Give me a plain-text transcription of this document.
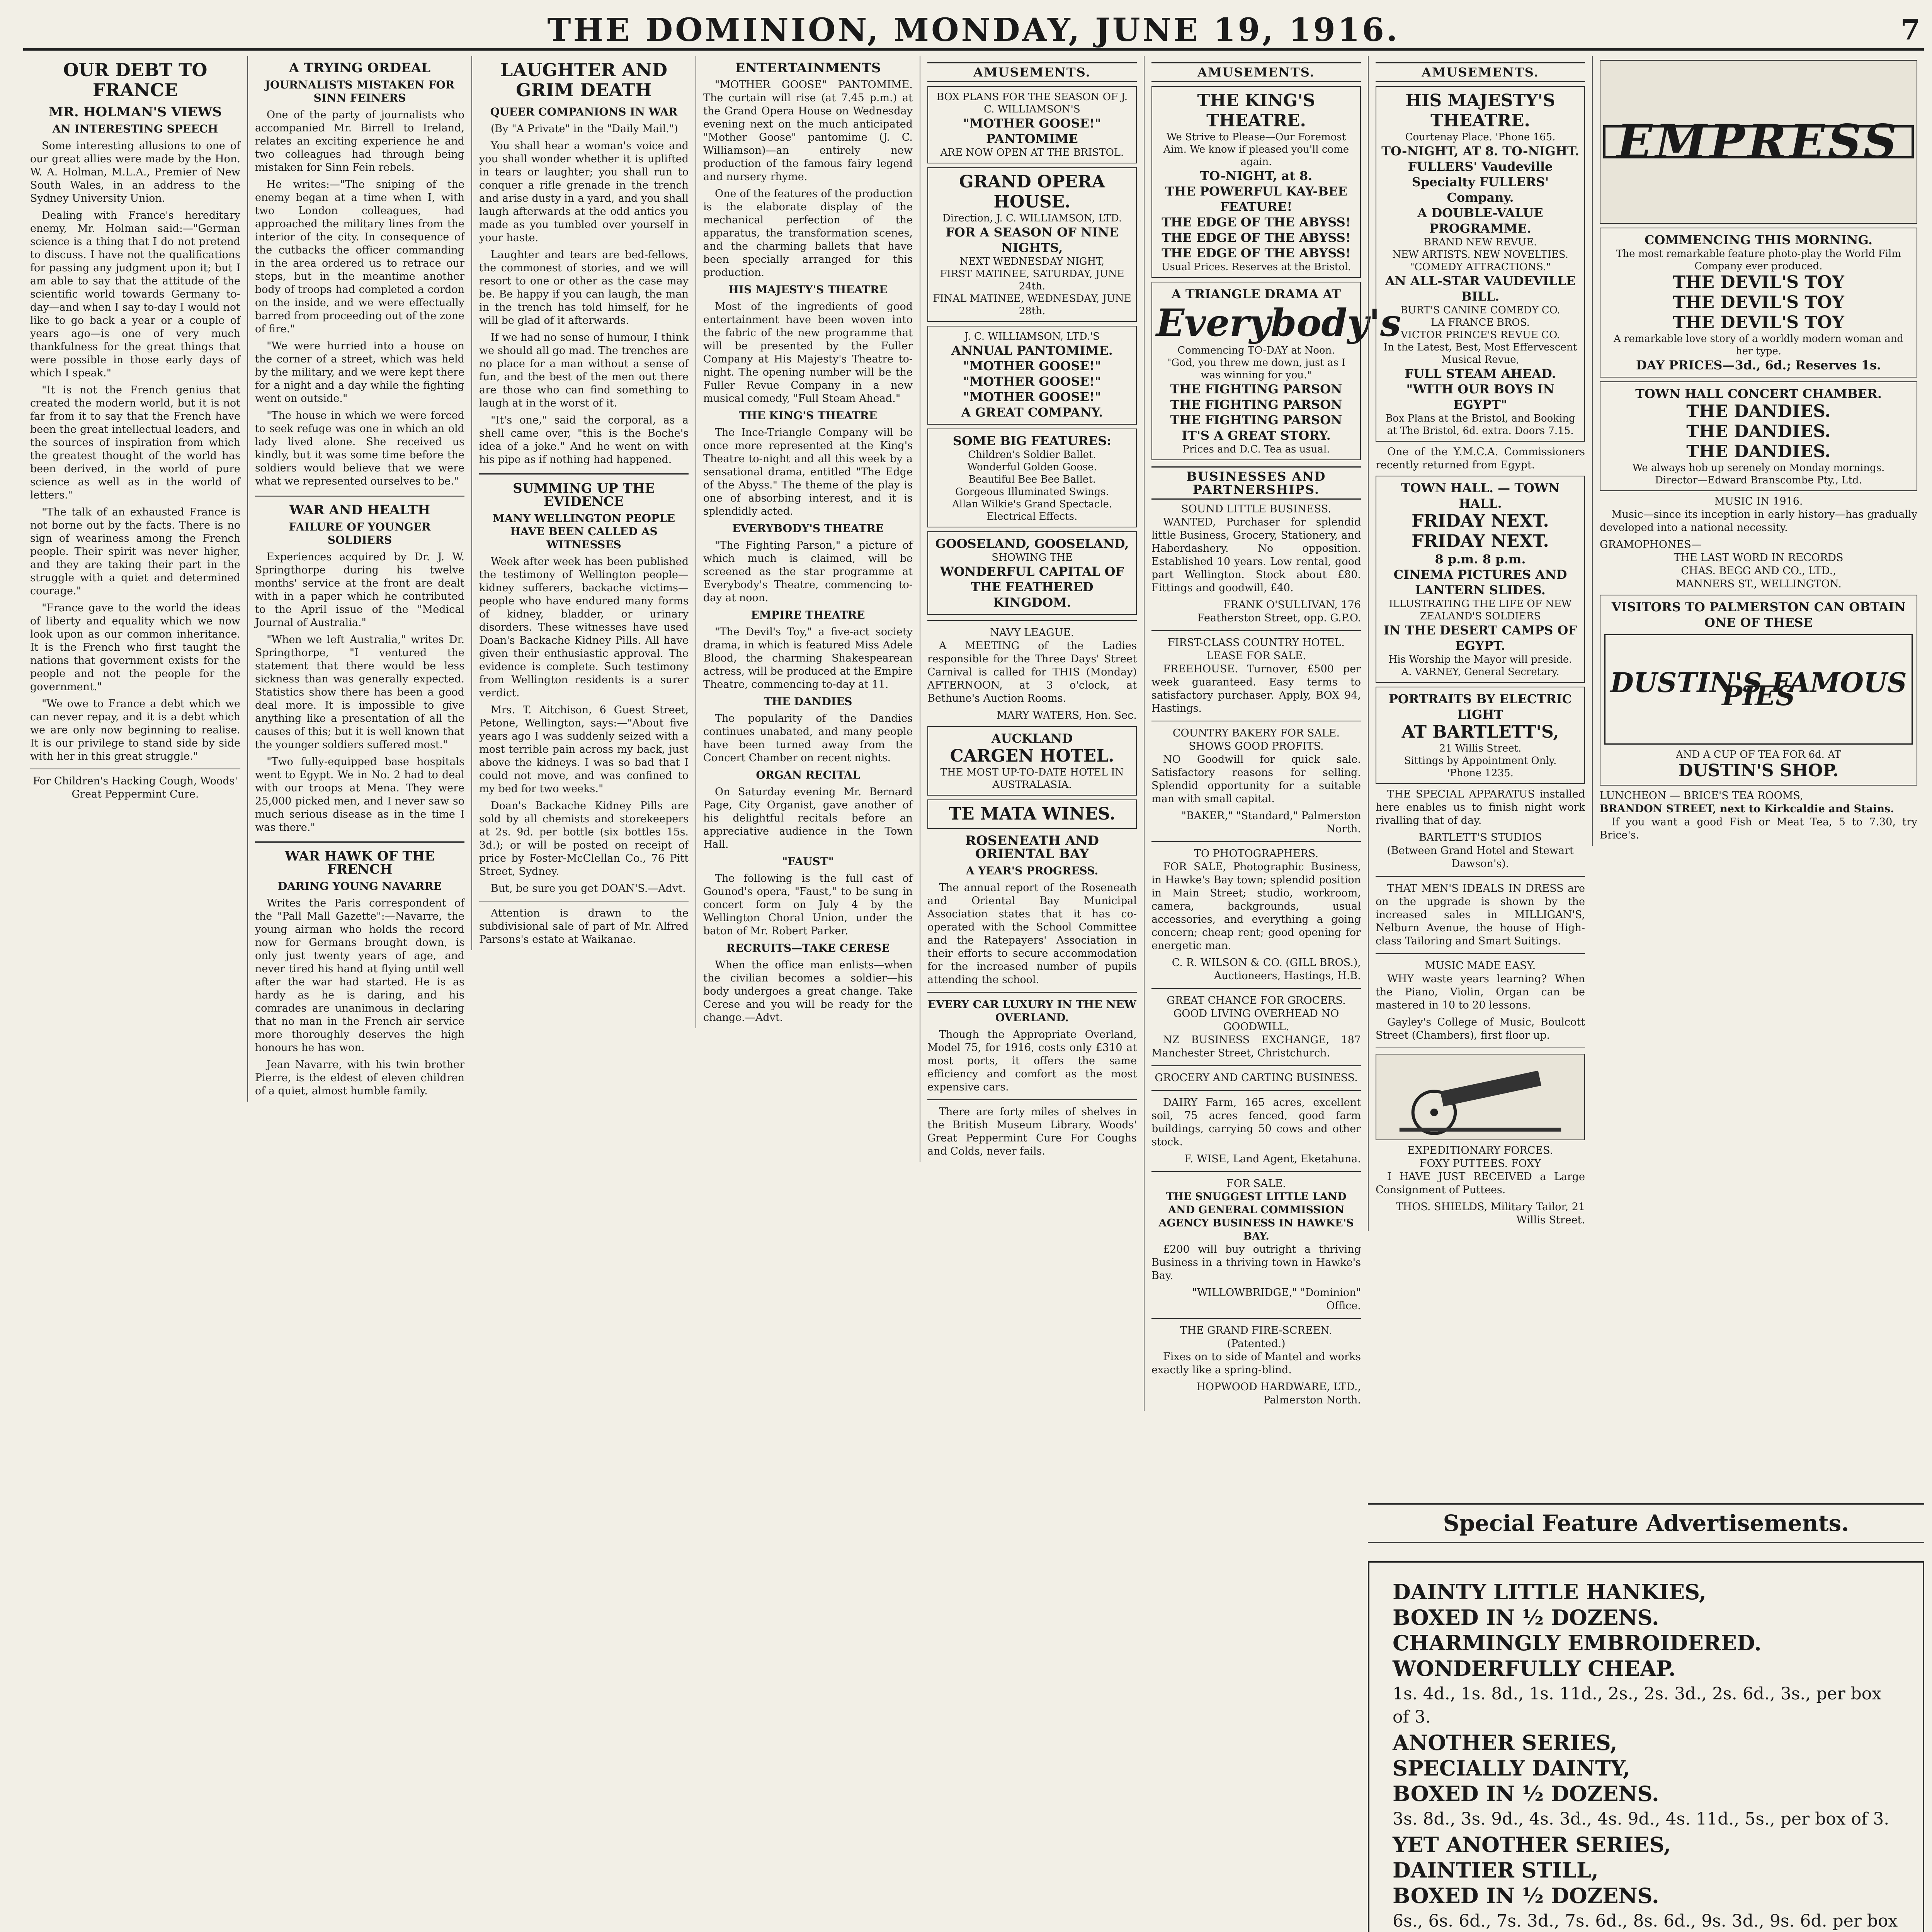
THE DOMINION, MONDAY, JUNE 19, 1916.	7
OUR DEBT TO FRANCE
MR. HOLMAN'S VIEWS
AN INTERESTING SPEECH

Some interesting allusions to one of our great allies were made by the Hon. W. A. Holman, M.L.A., Premier of New South Wales, in an address to the Sydney University Union.

Dealing with France's hereditary enemy, Mr. Holman said:—"German science is a thing that I do not pretend to discuss. I have not the qualifications for passing any judgment upon it; but I am able to say that the attitude of the scientific world towards Germany to-day—and when I say to-day I would not like to go back a year or a couple of years ago—is one of very much thankfulness for the great things that were possible in those early days of which I speak."

"It is not the French genius that created the modern world, but it is not far from it to say that the French have been the great intellectual leaders, and the sources of inspiration from which the greatest thought of the world has been derived, in the world of pure science as well as in the world of letters."

"The talk of an exhausted France is not borne out by the facts. There is no sign of weariness among the French people. Their spirit was never higher, and they are taking their part in the struggle with a quiet and determined courage."

"France gave to the world the ideas of liberty and equality which we now look upon as our common inheritance. It is the French who first taught the nations that government exists for the people and not the people for the government."

"We owe to France a debt which we can never repay, and it is a debt which we are only now beginning to realise. It is our privilege to stand side by side with her in this great struggle."

For Children's Hacking Cough, Woods' Great Peppermint Cure.

A TRYING ORDEAL
JOURNALISTS MISTAKEN FOR SINN FEINERS

One of the party of journalists who accompanied Mr. Birrell to Ireland, relates an exciting experience he and two colleagues had through being mistaken for Sinn Fein rebels.

He writes:—"The sniping of the enemy began at a time when I, with two London colleagues, had approached the military lines from the interior of the city. In consequence of the cutbacks the officer commanding in the area ordered us to retrace our steps, but in the meantime another body of troops had completed a cordon on the inside, and we were effectually barred from proceeding out of the zone of fire."

"We were hurried into a house on the corner of a street, which was held by the military, and we were kept there for a night and a day while the fighting went on outside."

"The house in which we were forced to seek refuge was one in which an old lady lived alone. She received us kindly, but it was some time before the soldiers would believe that we were what we represented ourselves to be."

WAR AND HEALTH
FAILURE OF YOUNGER SOLDIERS

Experiences acquired by Dr. J. W. Springthorpe during his twelve months' service at the front are dealt with in a paper which he contributed to the April issue of the "Medical Journal of Australia."

"When we left Australia," writes Dr. Springthorpe, "I ventured the statement that there would be less sickness than was generally expected. Statistics show there has been a good deal more. It is impossible to give anything like a presentation of all the causes of this; but it is well known that the younger soldiers suffered most."

"Two fully-equipped base hospitals went to Egypt. We in No. 2 had to deal with our troops at Mena. They were 25,000 picked men, and I never saw so much serious disease as in the time I was there."

WAR HAWK OF THE FRENCH
DARING YOUNG NAVARRE

Writes the Paris correspondent of the "Pall Mall Gazette":—Navarre, the young airman who holds the record now for Germans brought down, is only just twenty years of age, and never tired his hand at flying until well after the war had started. He is as hardy as he is daring, and his comrades are unanimous in declaring that no man in the French air service more thoroughly deserves the high honours he has won.

Jean Navarre, with his twin brother Pierre, is the eldest of eleven children of a quiet, almost humble family.

LAUGHTER AND GRIM DEATH
QUEER COMPANIONS IN WAR

(By "A Private" in the "Daily Mail.")

You shall hear a woman's voice and you shall wonder whether it is uplifted in tears or laughter; you shall run to conquer a rifle grenade in the trench and arise dusty in a yard, and you shall laugh afterwards at the odd antics you made as you tumbled over yourself in your haste.

Laughter and tears are bed-fellows, the commonest of stories, and we will resort to one or other as the case may be. Be happy if you can laugh, the man in the trench has told himself, for he will be glad of it afterwards.

If we had no sense of humour, I think we should all go mad. The trenches are no place for a man without a sense of fun, and the best of the men out there are those who can find something to laugh at in the worst of it.

"It's one," said the corporal, as a shell came over, "this is the Boche's idea of a joke." And he went on with his pipe as if nothing had happened.

SUMMING UP THE EVIDENCE
MANY WELLINGTON PEOPLE HAVE BEEN CALLED AS WITNESSES

Week after week has been published the testimony of Wellington people—kidney sufferers, backache victims—people who have endured many forms of kidney, bladder, or urinary disorders. These witnesses have used Doan's Backache Kidney Pills. All have given their enthusiastic approval. The evidence is complete. Such testimony from Wellington residents is a surer verdict.

Mrs. T. Aitchison, 6 Guest Street, Petone, Wellington, says:—"About five years ago I was suddenly seized with a most terrible pain across my back, just above the kidneys. I was so bad that I could not move, and was confined to my bed for two weeks."

Doan's Backache Kidney Pills are sold by all chemists and storekeepers at 2s. 9d. per bottle (six bottles 15s. 3d.); or will be posted on receipt of price by Foster-McClellan Co., 76 Pitt Street, Sydney.

But, be sure you get DOAN'S.—Advt.

Attention is drawn to the subdivisional sale of part of Mr. Alfred Parsons's estate at Waikanae.

ENTERTAINMENTS

"MOTHER GOOSE" PANTOMIME. The curtain will rise (at 7.45 p.m.) at the Grand Opera House on Wednesday evening next on the much anticipated "Mother Goose" pantomime (J. C. Williamson)—an entirely new production of the famous fairy legend and nursery rhyme.

One of the features of the production is the elaborate display of the mechanical perfection of the apparatus, the transformation scenes, and the charming ballets that have been specially arranged for this production.

HIS MAJESTY'S THEATRE

Most of the ingredients of good entertainment have been woven into the fabric of the new programme that will be presented by the Fuller Company at His Majesty's Theatre to-night. The opening number will be the Fuller Revue Company in a new musical comedy, "Full Steam Ahead."

THE KING'S THEATRE

The Ince-Triangle Company will be once more represented at the King's Theatre to-night and all this week by a sensational drama, entitled "The Edge of the Abyss." The theme of the play is one of absorbing interest, and it is splendidly acted.

EVERYBODY'S THEATRE

"The Fighting Parson," a picture of which much is claimed, will be screened as the star programme at Everybody's Theatre, commencing to-day at noon.

EMPIRE THEATRE

"The Devil's Toy," a five-act society drama, in which is featured Miss Adele Blood, the charming Shakespearean actress, will be produced at the Empire Theatre, commencing to-day at 11.

THE DANDIES

The popularity of the Dandies continues unabated, and many people have been turned away from the Concert Chamber on recent nights.

ORGAN RECITAL

On Saturday evening Mr. Bernard Page, City Organist, gave another of his delightful recitals before an appreciative audience in the Town Hall.

"FAUST"

The following is the full cast of Gounod's opera, "Faust," to be sung in concert form on July 4 by the Wellington Choral Union, under the baton of Mr. Robert Parker.

RECRUITS—TAKE CERESE

When the office man enlists—when the civilian becomes a soldier—his body undergoes a great change. Take Cerese and you will be ready for the change.—Advt.

AMUSEMENTS.
BOX PLANS FOR THE SEASON OF J. C. WILLIAMSON'S
"MOTHER GOOSE!"
PANTOMIME
ARE NOW OPEN AT THE BRISTOL.
GRAND OPERA HOUSE.
Direction, J. C. WILLIAMSON, LTD.
FOR A SEASON OF NINE NIGHTS,
NEXT WEDNESDAY NIGHT,
FIRST MATINEE, SATURDAY, JUNE 24th.
FINAL MATINEE, WEDNESDAY, JUNE 28th.
J. C. WILLIAMSON, LTD.'S
ANNUAL PANTOMIME.
"MOTHER GOOSE!"
"MOTHER GOOSE!"
"MOTHER GOOSE!"
A GREAT COMPANY.
SOME BIG FEATURES:
Children's Soldier Ballet.
Wonderful Golden Goose.
Beautiful Bee Bee Ballet.
Gorgeous Illuminated Swings.
Allan Wilkie's Grand Spectacle.
Electrical Effects.
GOOSELAND, GOOSELAND,
SHOWING THE
WONDERFUL CAPITAL OF THE FEATHERED KINGDOM.
NAVY LEAGUE.

A MEETING of the Ladies responsible for the Three Days' Street Carnival is called for THIS (Monday) AFTERNOON, at 3 o'clock, at Bethune's Auction Rooms.

MARY WATERS, Hon. Sec.

AUCKLAND
CARGEN HOTEL.
THE MOST UP-TO-DATE HOTEL IN AUSTRALASIA.
TE MATA WINES.
ROSENEATH AND ORIENTAL BAY
A YEAR'S PROGRESS.

The annual report of the Roseneath and Oriental Bay Municipal Association states that it has co-operated with the School Committee and the Ratepayers' Association in their efforts to secure accommodation for the increased number of pupils attending the school.

EVERY CAR LUXURY IN THE NEW OVERLAND.

Though the Appropriate Overland, Model 75, for 1916, costs only £310 at most ports, it offers the same efficiency and comfort as the most expensive cars.

There are forty miles of shelves in the British Museum Library. Woods' Great Peppermint Cure For Coughs and Colds, never fails.

AMUSEMENTS.
THE KING'S THEATRE.
We Strive to Please—Our Foremost Aim. We know if pleased you'll come again.
TO-NIGHT, at 8.
THE POWERFUL KAY-BEE FEATURE!
THE EDGE OF THE ABYSS!
THE EDGE OF THE ABYSS!
THE EDGE OF THE ABYSS!
Usual Prices. Reserves at the Bristol.
A TRIANGLE DRAMA AT
Everybody's
Commencing TO-DAY at Noon.
"God, you threw me down, just as I was winning for you."
THE FIGHTING PARSON
THE FIGHTING PARSON
THE FIGHTING PARSON
IT'S A GREAT STORY.
Prices and D.C. Tea as usual.
BUSINESSES AND PARTNERSHIPS.
SOUND LITTLE BUSINESS.

WANTED, Purchaser for splendid little Business, Grocery, Stationery, and Haberdashery. No opposition. Established 10 years. Low rental, good part Wellington. Stock about £80. Fittings and goodwill, £40.

FRANK O'SULLIVAN, 176 Featherston Street, opp. G.P.O.

FIRST-CLASS COUNTRY HOTEL.
LEASE FOR SALE.

FREEHOUSE. Turnover, £500 per week guaranteed. Easy terms to satisfactory purchaser. Apply, BOX 94, Hastings.

COUNTRY BAKERY FOR SALE.
SHOWS GOOD PROFITS.

NO Goodwill for quick sale. Satisfactory reasons for selling. Splendid opportunity for a suitable man with small capital.

"BAKER," "Standard," Palmerston North.

TO PHOTOGRAPHERS.

FOR SALE, Photographic Business, in Hawke's Bay town; splendid position in Main Street; studio, workroom, camera, backgrounds, usual accessories, and everything a going concern; cheap rent; good opening for energetic man.

C. R. WILSON & CO. (GILL BROS.), Auctioneers, Hastings, H.B.

GREAT CHANCE FOR GROCERS.
GOOD LIVING OVERHEAD NO GOODWILL.

NZ BUSINESS EXCHANGE, 187 Manchester Street, Christchurch.

GROCERY AND CARTING BUSINESS.

DAIRY Farm, 165 acres, excellent soil, 75 acres fenced, good farm buildings, carrying 50 cows and other stock.

F. WISE, Land Agent, Eketahuna.

FOR SALE.
THE SNUGGEST LITTLE LAND AND GENERAL COMMISSION AGENCY BUSINESS IN HAWKE'S BAY.

£200 will buy outright a thriving Business in a thriving town in Hawke's Bay.

"WILLOWBRIDGE," "Dominion" Office.

THE GRAND FIRE-SCREEN.
(Patented.)

Fixes on to side of Mantel and works exactly like a spring-blind.

HOPWOOD HARDWARE, LTD., Palmerston North.

AMUSEMENTS.
HIS MAJESTY'S THEATRE.
Courtenay Place. 'Phone 165.
TO-NIGHT, AT 8. TO-NIGHT.
FULLERS' Vaudeville Specialty FULLERS' Company.
A DOUBLE-VALUE PROGRAMME.
BRAND NEW REVUE.
NEW ARTISTS. NEW NOVELTIES.
"COMEDY ATTRACTIONS."
AN ALL-STAR VAUDEVILLE BILL.
BURT'S CANINE COMEDY CO.
LA FRANCE BROS.
VICTOR PRINCE'S REVUE CO.
In the Latest, Best, Most Effervescent Musical Revue,
FULL STEAM AHEAD.
"WITH OUR BOYS IN EGYPT"
Box Plans at the Bristol, and Booking at The Bristol, 6d. extra. Doors 7.15.

One of the Y.M.C.A. Commissioners recently returned from Egypt.

TOWN HALL. — TOWN HALL.
FRIDAY NEXT.
FRIDAY NEXT.
8 p.m. 8 p.m.
CINEMA PICTURES AND LANTERN SLIDES.
ILLUSTRATING THE LIFE OF NEW ZEALAND'S SOLDIERS
IN THE DESERT CAMPS OF EGYPT.
His Worship the Mayor will preside.
A. VARNEY, General Secretary.
PORTRAITS BY ELECTRIC LIGHT
AT BARTLETT'S,
21 Willis Street.
Sittings by Appointment Only.
'Phone 1235.

THE SPECIAL APPARATUS installed here enables us to finish night work rivalling that of day.

BARTLETT'S STUDIOS
(Between Grand Hotel and Stewart Dawson's).

THAT MEN'S IDEALS IN DRESS are on the upgrade is shown by the increased sales in MILLIGAN'S, Nelburn Avenue, the house of High-class Tailoring and Smart Suitings.

MUSIC MADE EASY.

WHY waste years learning? When the Piano, Violin, Organ can be mastered in 10 to 20 lessons.

Gayley's College of Music, Boulcott Street (Chambers), first floor up.

EXPEDITIONARY FORCES.
FOXY PUTTEES. FOXY

I HAVE JUST RECEIVED a Large Consignment of Puttees.

THOS. SHIELDS, Military Tailor, 21 Willis Street.

EMPRESS
COMMENCING THIS MORNING.
The most remarkable feature photo-play the World Film Company ever produced.
THE DEVIL'S TOY
THE DEVIL'S TOY
THE DEVIL'S TOY
A remarkable love story of a worldly modern woman and her type.
DAY PRICES—3d., 6d.; Reserves 1s.
TOWN HALL CONCERT CHAMBER.
THE DANDIES.
THE DANDIES.
THE DANDIES.
We always hob up serenely on Monday mornings.
Director—Edward Branscombe Pty., Ltd.
MUSIC IN 1916.

Music—since its inception in early history—has gradually developed into a national necessity.

GRAMOPHONES—
THE LAST WORD IN RECORDS
CHAS. BEGG AND CO., LTD.,
MANNERS ST., WELLINGTON.
VISITORS TO PALMERSTON CAN OBTAIN ONE OF THESE
DUSTIN'S FAMOUS PIES
AND A CUP OF TEA FOR 6d. AT
DUSTIN'S SHOP.
LUNCHEON — BRICE'S TEA ROOMS,
BRANDON STREET, next to Kirkcaldie and Stains.

If you want a good Fish or Meat Tea, 5 to 7.30, try Brice's.

Special Feature Advertisements.
DAINTY LITTLE HANKIES,
BOXED IN ½ DOZENS.
CHARMINGLY EMBROIDERED.
WONDERFULLY CHEAP.
1s. 4d., 1s. 8d., 1s. 11d., 2s., 2s. 3d., 2s. 6d., 3s., per box of 3.
ANOTHER SERIES,
SPECIALLY DAINTY,
BOXED IN ½ DOZENS.
3s. 8d., 3s. 9d., 4s. 3d., 4s. 9d., 4s. 11d., 5s., per box of 3.
YET ANOTHER SERIES,
DAINTIER STILL,
BOXED IN ½ DOZENS.
6s., 6s. 6d., 7s. 3d., 7s. 6d., 8s. 6d., 9s. 3d., 9s. 6d. per box
